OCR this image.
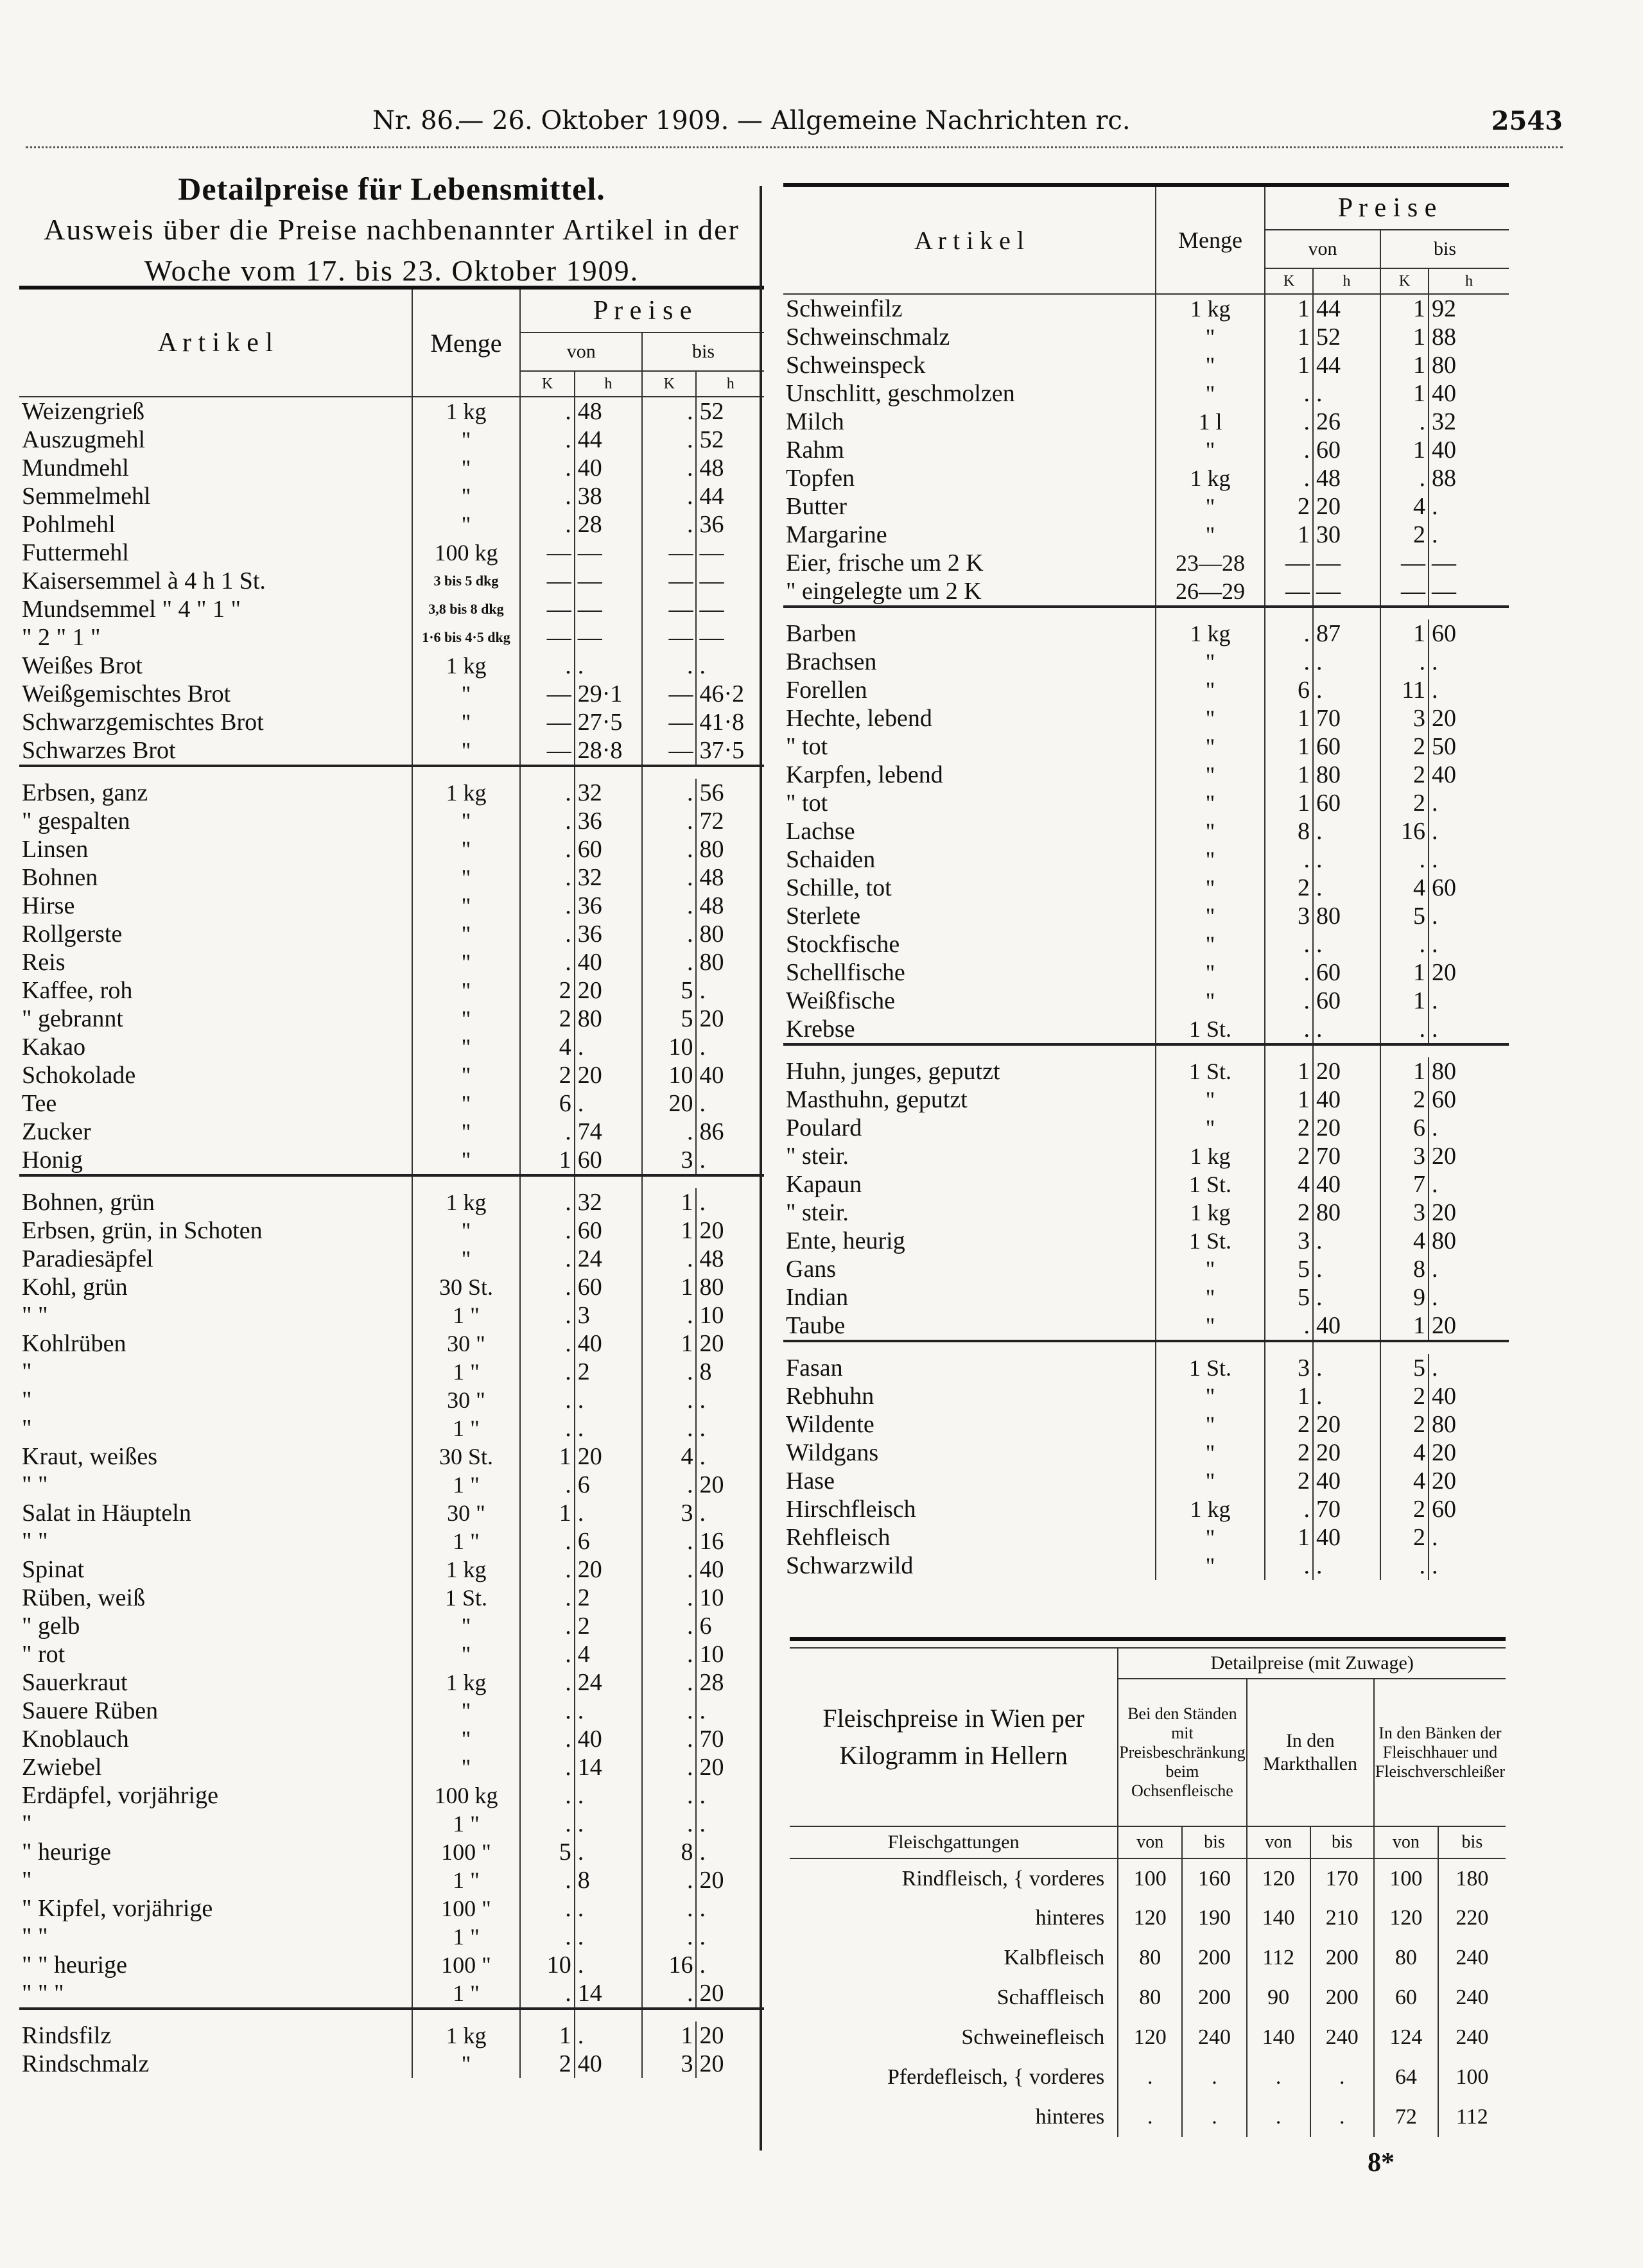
Nr. 86.
— 26. Oktober 1909. — Allgemeine Nachrichten rc.	2543
Detailpreise für Lebensmittel.
Ausweis über die Preise nachbenannter Artikel in der
Woche vom 17. bis 23. Oktober 1909.
A r t i k e l	Menge	P r e i s e			
		von		bis	
		K	h	K	h
Weizengrieß	1 kg	.	48	.	52
Auszugmehl	"	.	44	.	52
Mundmehl	"	.	40	.	48
Semmelmehl	"	.	38	.	44
Pohlmehl	"	.	28	.	36
Futtermehl	100 kg	—	—	—	—
Kaisersemmel à 4 h 1 St.	3 bis 5 dkg	—	—	—	—
Mundsemmel " 4 " 1 "	3,8 bis 8 dkg	—	—	—	—
" 2 " 1 "	1·6 bis 4·5 dkg	—	—	—	—
Weißes Brot	1 kg	.	.	.	.
Weißgemischtes Brot	"	—	29·1	—	46·2
Schwarzgemischtes Brot	"	—	27·5	—	41·8
Schwarzes Brot	"	—	28·8	—	37·5

Erbsen, ganz	1 kg	.	32	.	56
" gespalten	"	.	36	.	72
Linsen	"	.	60	.	80
Bohnen	"	.	32	.	48
Hirse	"	.	36	.	48
Rollgerste	"	.	36	.	80
Reis	"	.	40	.	80
Kaffee, roh	"	2	20	5	.
" gebrannt	"	2	80	5	20
Kakao	"	4	.	10	.
Schokolade	"	2	20	10	40
Tee	"	6	.	20	.
Zucker	"	.	74	.	86
Honig	"	1	60	3	.

Bohnen, grün	1 kg	.	32	1	.
Erbsen, grün, in Schoten	"	.	60	1	20
Paradiesäpfel	"	.	24	.	48
Kohl, grün	30 St.	.	60	1	80
" "	1 "	.	3	.	10
Kohlrüben	30 "	.	40	1	20
"	1 "	.	2	.	8
"	30 "	.	.	.	.
"	1 "	.	.	.	.
Kraut, weißes	30 St.	1	20	4	.
" "	1 "	.	6	.	20
Salat in Häupteln	30 "	1	.	3	.
" "	1 "	.	6	.	16
Spinat	1 kg	.	20	.	40
Rüben, weiß	1 St.	.	2	.	10
" gelb	"	.	2	.	6
" rot	"	.	4	.	10
Sauerkraut	1 kg	.	24	.	28
Sauere Rüben	"	.	.	.	.
Knoblauch	"	.	40	.	70
Zwiebel	"	.	14	.	20
Erdäpfel, vorjährige	100 kg	.	.	.	.
"	1 "	.	.	.	.
" heurige	100 "	5	.	8	.
"	1 "	.	8	.	20
" Kipfel, vorjährige	100 "	.	.	.	.
" "	1 "	.	.	.	.
" " heurige	100 "	10	.	16	.
" " "	1 "	.	14	.	20

Rindsfilz	1 kg	1	.	1	20
Rindschmalz	"	2	40	3	20
A r t i k e l	Menge	P r e i s e			
		von		bis	
		K	h	K	h
Schweinfilz	1 kg	1	44	1	92
Schweinschmalz	"	1	52	1	88
Schweinspeck	"	1	44	1	80
Unschlitt, geschmolzen	"	.	.	1	40
Milch	1 l	.	26	.	32
Rahm	"	.	60	1	40
Topfen	1 kg	.	48	.	88
Butter	"	2	20	4	.
Margarine	"	1	30	2	.
Eier, frische um 2 K	23—28	—	—	—	—
" eingelegte um 2 K	26—29	—	—	—	—

Barben	1 kg	.	87	1	60
Brachsen	"	.	.	.	.
Forellen	"	6	.	11	.
Hechte, lebend	"	1	70	3	20
" tot	"	1	60	2	50
Karpfen, lebend	"	1	80	2	40
" tot	"	1	60	2	.
Lachse	"	8	.	16	.
Schaiden	"	.	.	.	.
Schille, tot	"	2	.	4	60
Sterlete	"	3	80	5	.
Stockfische	"	.	.	.	.
Schellfische	"	.	60	1	20
Weißfische	"	.	60	1	.
Krebse	1 St.	.	.	.	.

Huhn, junges, geputzt	1 St.	1	20	1	80
Masthuhn, geputzt	"	1	40	2	60
Poulard	"	2	20	6	.
" steir.	1 kg	2	70	3	20
Kapaun	1 St.	4	40	7	.
" steir.	1 kg	2	80	3	20
Ente, heurig	1 St.	3	.	4	80
Gans	"	5	.	8	.
Indian	"	5	.	9	.
Taube	"	.	40	1	20

Fasan	1 St.	3	.	5	.
Rebhuhn	"	1	.	2	40
Wildente	"	2	20	2	80
Wildgans	"	2	20	4	20
Hase	"	2	40	4	20
Hirschfleisch	1 kg	.	70	2	60
Rehfleisch	"	1	40	2	.
Schwarzwild	"	.	.	.	.
Fleischpreise in Wien per Kilogramm in Hellern	Detailpreise (mit Zuwage)					
	Bei den Ständen mit Preisbeschränkung beim Ochsenfleische		In den Markthallen		In den Bänken der Fleischhauer und Fleischverschleißer	
Fleischgattungen	von	bis	von	bis	von	bis
Rindfleisch, { vorderes	100	160	120	170	100	180
hinteres	120	190	140	210	120	220
Kalbfleisch	80	200	112	200	80	240
Schaffleisch	80	200	90	200	60	240
Schweinefleisch	120	240	140	240	124	240
Pferdefleisch, { vorderes	.	.	.	.	64	100
hinteres	.	.	.	.	72	112
8*
